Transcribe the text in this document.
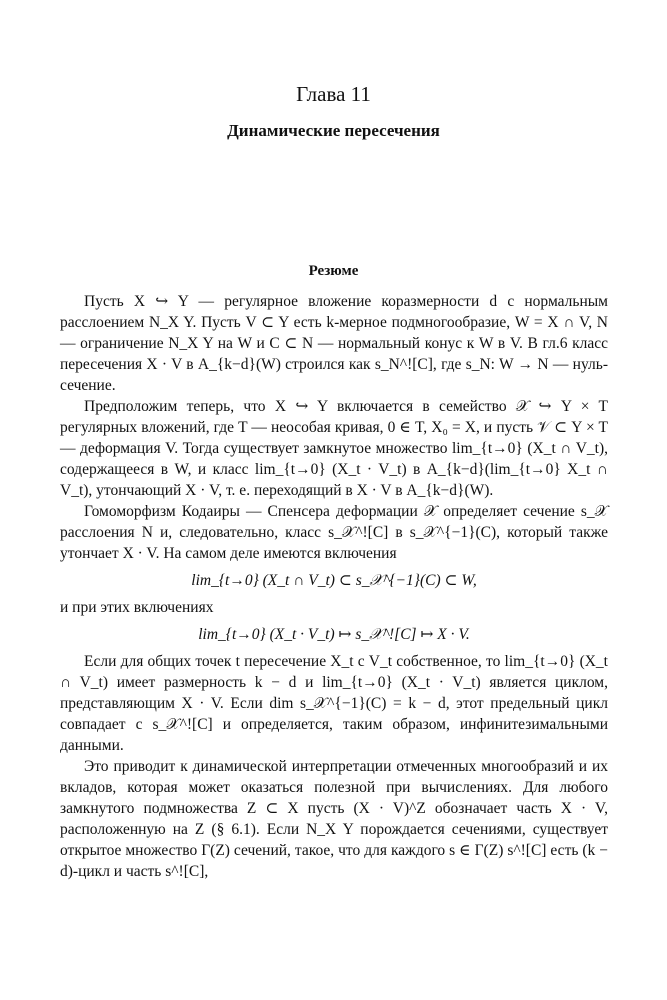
Глава 11
Динамические пересечения
Резюме

Пусть X ↪ Y — регулярное вложение коразмерности d с нормальным расслоением N_X Y. Пусть V ⊂ Y есть k-мерное подмногообразие, W = X ∩ V, N — ограничение N_X Y на W и C ⊂ N — нормальный конус к W в V. В гл.6 класс пересечения X · V в A_{k−d}(W) строился как s_N^![C], где s_N: W → N — нуль-сечение.

Предположим теперь, что X ↪ Y включается в семейство 𝒳 ↪ Y × T регулярных вложений, где T — неособая кривая, 0 ∈ T, X₀ = X, и пусть 𝒱 ⊂ Y × T — деформация V. Тогда существует замкнутое множество lim_{t→0} (X_t ∩ V_t), содержащееся в W, и класс lim_{t→0} (X_t · V_t) в A_{k−d}(lim_{t→0} X_t ∩ V_t), утончающий X · V, т. е. переходящий в X · V в A_{k−d}(W).

Гомоморфизм Кодаиры — Спенсера деформации 𝒳 определяет сечение s_𝒳 расслоения N и, следовательно, класс s_𝒳^![C] в s_𝒳^{−1}(C), который также утончает X · V. На самом деле имеются включения

lim_{t→0} (X_t ∩ V_t) ⊂ s_𝒳^{−1}(C) ⊂ W,

и при этих включениях

lim_{t→0} (X_t · V_t) ↦ s_𝒳^![C] ↦ X · V.

Если для общих точек t пересечение X_t с V_t собственное, то lim_{t→0} (X_t ∩ V_t) имеет размерность k − d и lim_{t→0} (X_t · V_t) является циклом, представляющим X · V. Если dim s_𝒳^{−1}(C) = k − d, этот предельный цикл совпадает с s_𝒳^![C] и определяется, таким образом, инфинитезимальными данными.

Это приводит к динамической интерпретации отмеченных многообразий и их вкладов, которая может оказаться полезной при вычислениях. Для любого замкнутого подмножества Z ⊂ X пусть (X · V)^Z обозначает часть X · V, расположенную на Z (§ 6.1). Если N_X Y порождается сечениями, существует открытое множество Γ(Z) сечений, такое, что для каждого s ∈ Γ(Z) s^![C] есть (k − d)-цикл и часть s^![C],
